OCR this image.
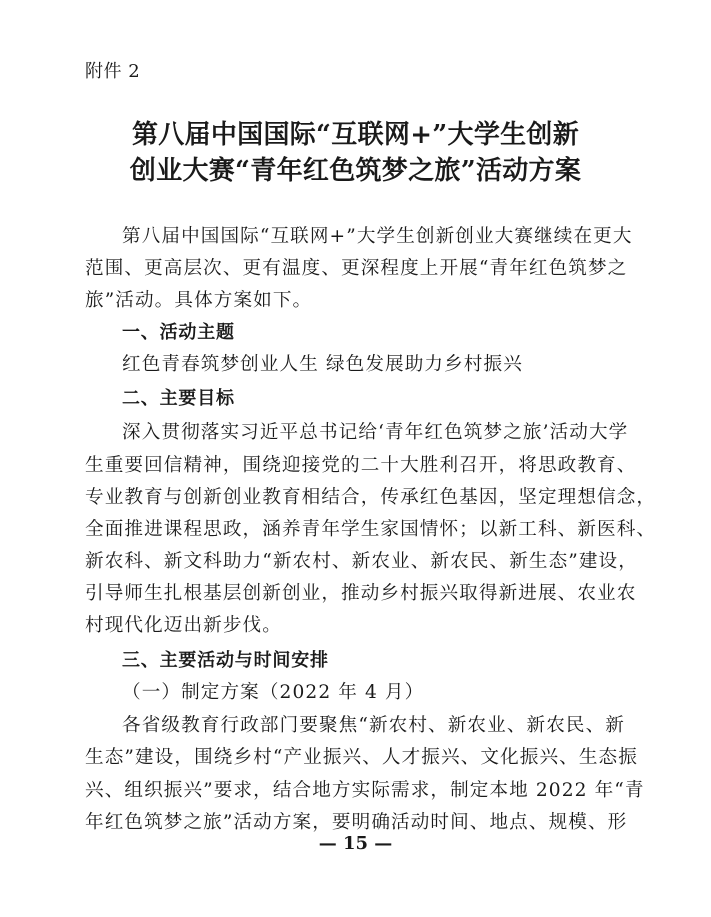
附件 2
第八届中国国际“互联网+”大学生创新
创业大赛“青年红色筑梦之旅”活动方案
第八届中国国际“互联网+”大学生创新创业大赛继续在更大
范围、更高层次、更有温度、更深程度上开展“青年红色筑梦之
旅”活动。具体方案如下。
一、活动主题
红色青春筑梦创业人生 绿色发展助力乡村振兴
二、主要目标
深入贯彻落实习近平总书记给‘青年红色筑梦之旅’活动大学
生重要回信精神，围绕迎接党的二十大胜利召开，将思政教育、
专业教育与创新创业教育相结合，传承红色基因，坚定理想信念，
全面推进课程思政，涵养青年学生家国情怀；以新工科、新医科、
新农科、新文科助力“新农村、新农业、新农民、新生态”建设，
引导师生扎根基层创新创业，推动乡村振兴取得新进展、农业农
村现代化迈出新步伐。
三、主要活动与时间安排
（一）制定方案（2022 年 4 月）
各省级教育行政部门要聚焦“新农村、新农业、新农民、新
生态”建设，围绕乡村“产业振兴、人才振兴、文化振兴、生态振
兴、组织振兴”要求，结合地方实际需求，制定本地 2022 年“青
年红色筑梦之旅”活动方案，要明确活动时间、地点、规模、形
— 15 —
